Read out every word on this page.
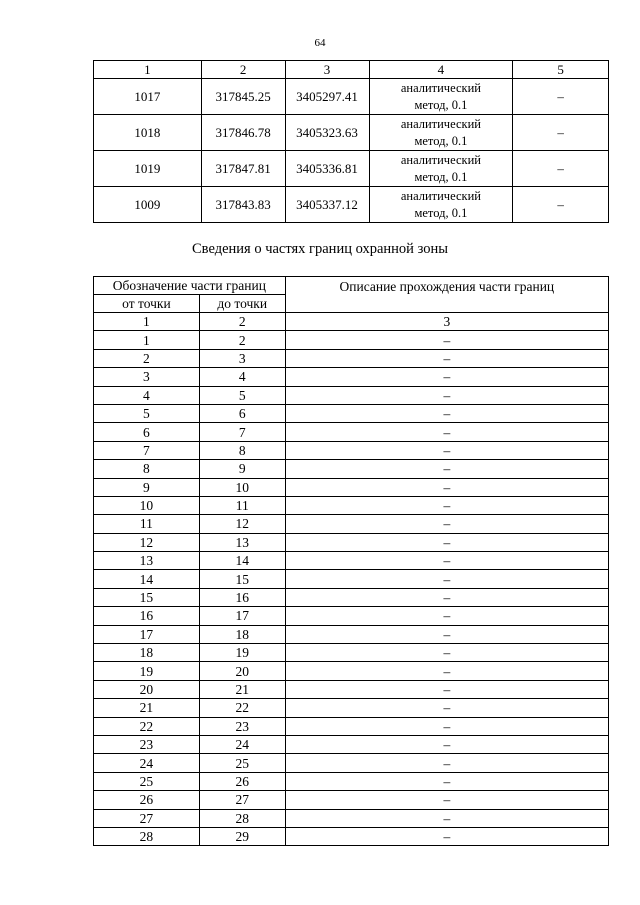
64
1	2	3	4	5
1017	317845.25	3405297.41	аналитический
метод, 0.1	–
1018	317846.78	3405323.63	аналитический
метод, 0.1	–
1019	317847.81	3405336.81	аналитический
метод, 0.1	–
1009	317843.83	3405337.12	аналитический
метод, 0.1	–
Сведения о частях границ охранной зоны
Обозначение части границ		Описание прохождения части границ
от точки	до точки	
1	2	3
1	2	–
2	3	–
3	4	–
4	5	–
5	6	–
6	7	–
7	8	–
8	9	–
9	10	–
10	11	–
11	12	–
12	13	–
13	14	–
14	15	–
15	16	–
16	17	–
17	18	–
18	19	–
19	20	–
20	21	–
21	22	–
22	23	–
23	24	–
24	25	–
25	26	–
26	27	–
27	28	–
28	29	–
